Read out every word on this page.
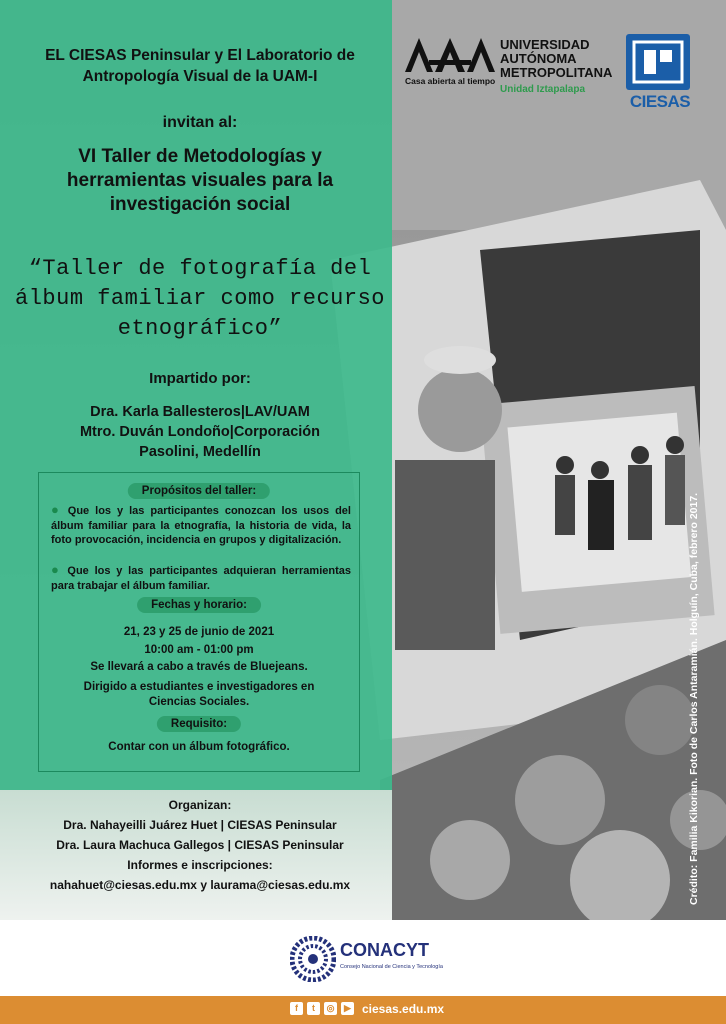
EL CIESAS Peninsular y El Laboratorio de Antropología Visual de la UAM-I
invitan al:
VI Taller de Metodologías y herramientas visuales para la investigación social
“Taller de fotografía del álbum familiar como recurso etnográfico”
Impartido por:
Dra. Karla Ballesteros|LAV/UAM
Mtro. Duván Londoño|Corporación
Pasolini, Medellín
Propósitos del taller:
● Que los y las participantes conozcan los usos del álbum familiar para la etnografía, la historia de vida, la foto provocación, incidencia en grupos y digitalización.
● Que los y las participantes adquieran herramientas para trabajar el álbum familiar.
Fechas y horario:
21, 23 y 25 de junio de 2021
10:00 am - 01:00 pm
Se llevará a cabo a través de Bluejeans.
Dirigido a estudiantes e investigadores en Ciencias Sociales.
Requisito:
Contar con un álbum fotográfico.
Organizan:
Dra. Nahayeilli Juárez Huet | CIESAS Peninsular
Dra. Laura Machuca Gallegos | CIESAS Peninsular
Informes e inscripciones:
nahahuet@ciesas.edu.mx y laurama@ciesas.edu.mx	Crédito: Familia Kikorian. Foto de Carlos Antaramián. Holguín, Cuba, febrero 2017.
Casa abierta al tiempo
UNIVERSIDAD
AUTÓNOMA
METROPOLITANA
Unidad Iztapalapa
CIESAS
CONACYT
Consejo Nacional de Ciencia y Tecnología
f	t	◎	▶ ciesas.edu.mx
